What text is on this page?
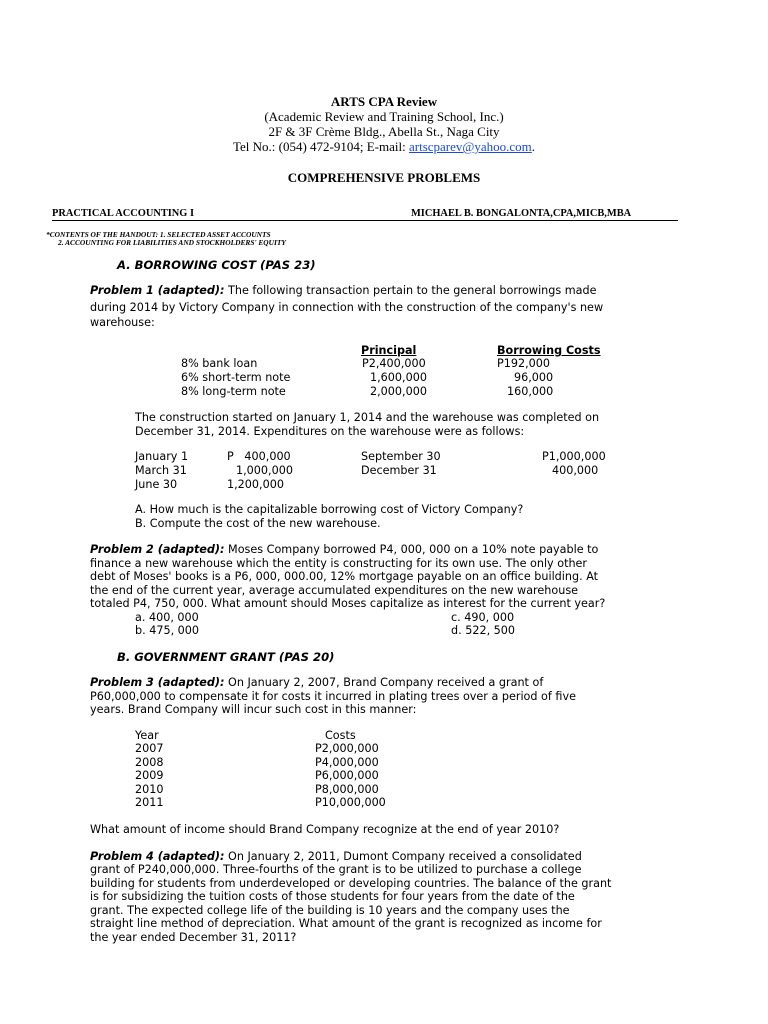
ARTS CPA Review
(Academic Review and Training School, Inc.)
2F & 3F Crème Bldg., Abella St., Naga City
Tel No.: (054) 472-9104; E-mail: artscparev@yahoo.com.
COMPREHENSIVE PROBLEMS
PRACTICAL ACCOUNTING I	MICHAEL B. BONGALONTA,CPA,MICB,MBA
*CONTENTS OF THE HANDOUT: 1. SELECTED ASSET ACCOUNTS
2. ACCOUNTING FOR LIABILITIES AND STOCKHOLDERS' EQUITY
A. BORROWING COST (PAS 23)
Problem 1 (adapted): The following transaction pertain to the general borrowings made
during 2014 by Victory Company in connection with the construction of the company's new
warehouse:
Principal	Borrowing Costs
8% bank loan	P2,400,000	P192,000
6% short-term note	1,600,000	96,000
8% long-term note	2,000,000	160,000
The construction started on January 1, 2014 and the warehouse was completed on
December 31, 2014. Expenditures on the warehouse were as follows:
January 1	P   400,000	September 30	P1,000,000
March 31	1,000,000	December 31	400,000
June 30	1,200,000
A. How much is the capitalizable borrowing cost of Victory Company?
B. Compute the cost of the new warehouse.
Problem 2 (adapted): Moses Company borrowed P4, 000, 000 on a 10% note payable to
finance a new warehouse which the entity is constructing for its own use. The only other
debt of Moses' books is a P6, 000, 000.00, 12% mortgage payable on an office building. At
the end of the current year, average accumulated expenditures on the new warehouse
totaled P4, 750, 000. What amount should Moses capitalize as interest for the current year?
a. 400, 000
b. 475, 000
c. 490, 000
d. 522, 500
B. GOVERNMENT GRANT (PAS 20)
Problem 3 (adapted): On January 2, 2007, Brand Company received a grant of
P60,000,000 to compensate it for costs it incurred in plating trees over a period of five
years. Brand Company will incur such cost in this manner:
Year	Costs
2007	P2,000,000
2008	P4,000,000
2009	P6,000,000
2010	P8,000,000
2011	P10,000,000
What amount of income should Brand Company recognize at the end of year 2010?
Problem 4 (adapted): On January 2, 2011, Dumont Company received a consolidated
grant of P240,000,000. Three-fourths of the grant is to be utilized to purchase a college
building for students from underdeveloped or developing countries. The balance of the grant
is for subsidizing the tuition costs of those students for four years from the date of the
grant. The expected college life of the building is 10 years and the company uses the
straight line method of depreciation. What amount of the grant is recognized as income for
the year ended December 31, 2011?
